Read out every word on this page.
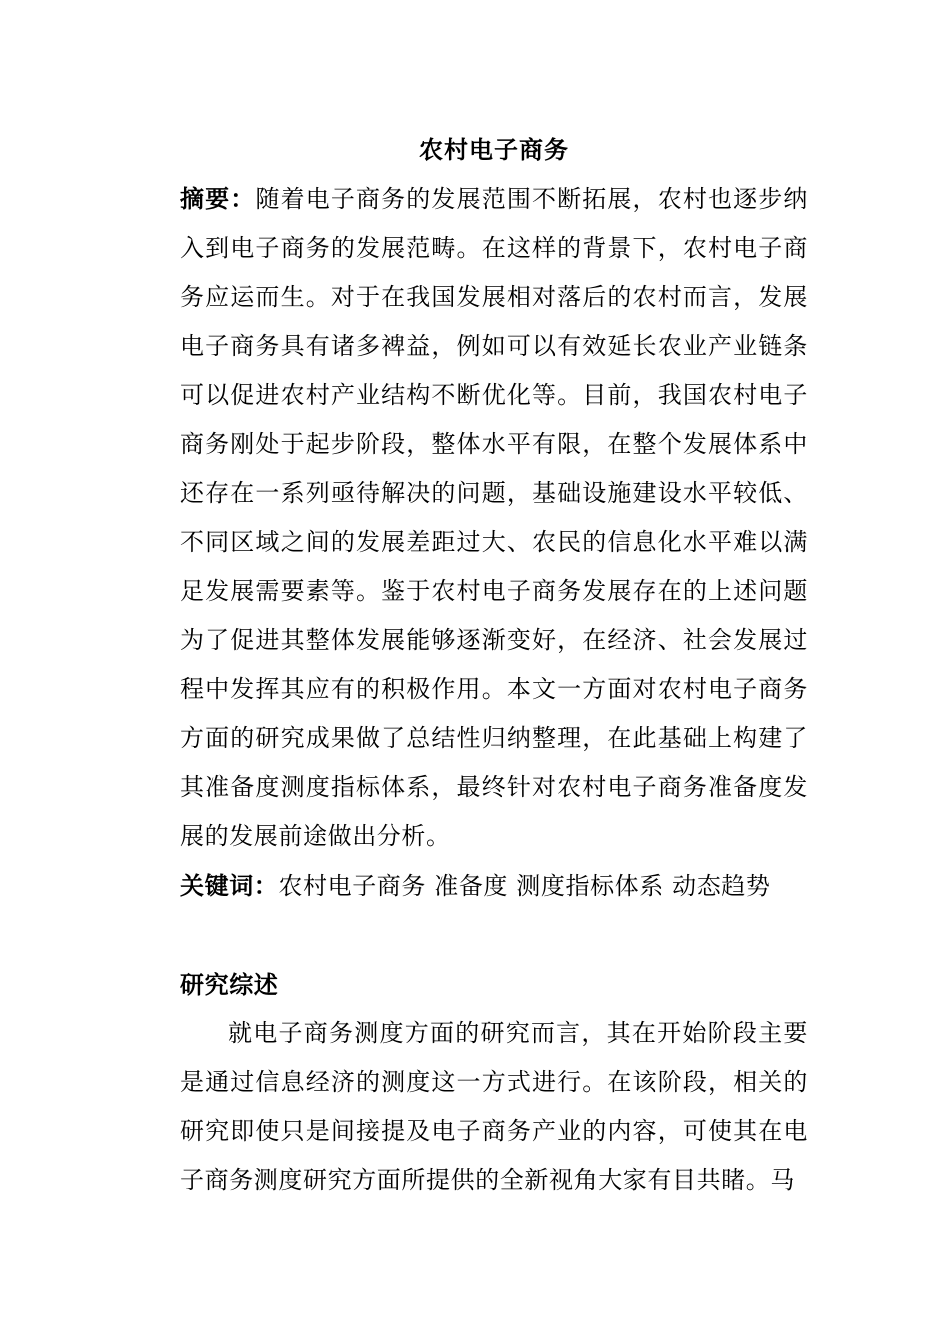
农村电子商务

摘要：随着电子商务的发展范围不断拓展，农村也逐步纳入到电子商务的发展范畴。在这样的背景下，农村电子商务应运而生。对于在我国发展相对落后的农村而言，发展电子商务具有诸多裨益，例如可以有效延长农业产业链条可以促进农村产业结构不断优化等。目前，我国农村电子商务刚处于起步阶段，整体水平有限，在整个发展体系中还存在一系列亟待解决的问题，基础设施建设水平较低、不同区域之间的发展差距过大、农民的信息化水平难以满足发展需要素等。鉴于农村电子商务发展存在的上述问题为了促进其整体发展能够逐渐变好，在经济、社会发展过程中发挥其应有的积极作用。本文一方面对农村电子商务方面的研究成果做了总结性归纳整理，在此基础上构建了其准备度测度指标体系，最终针对农村电子商务准备度发展的发展前途做出分析。

关键词：农村电子商务 准备度 测度指标体系 动态趋势

研究综述

就电子商务测度方面的研究而言，其在开始阶段主要是通过信息经济的测度这一方式进行。在该阶段，相关的研究即使只是间接提及电子商务产业的内容，可使其在电子商务测度研究方面所提供的全新视角大家有目共睹。马
